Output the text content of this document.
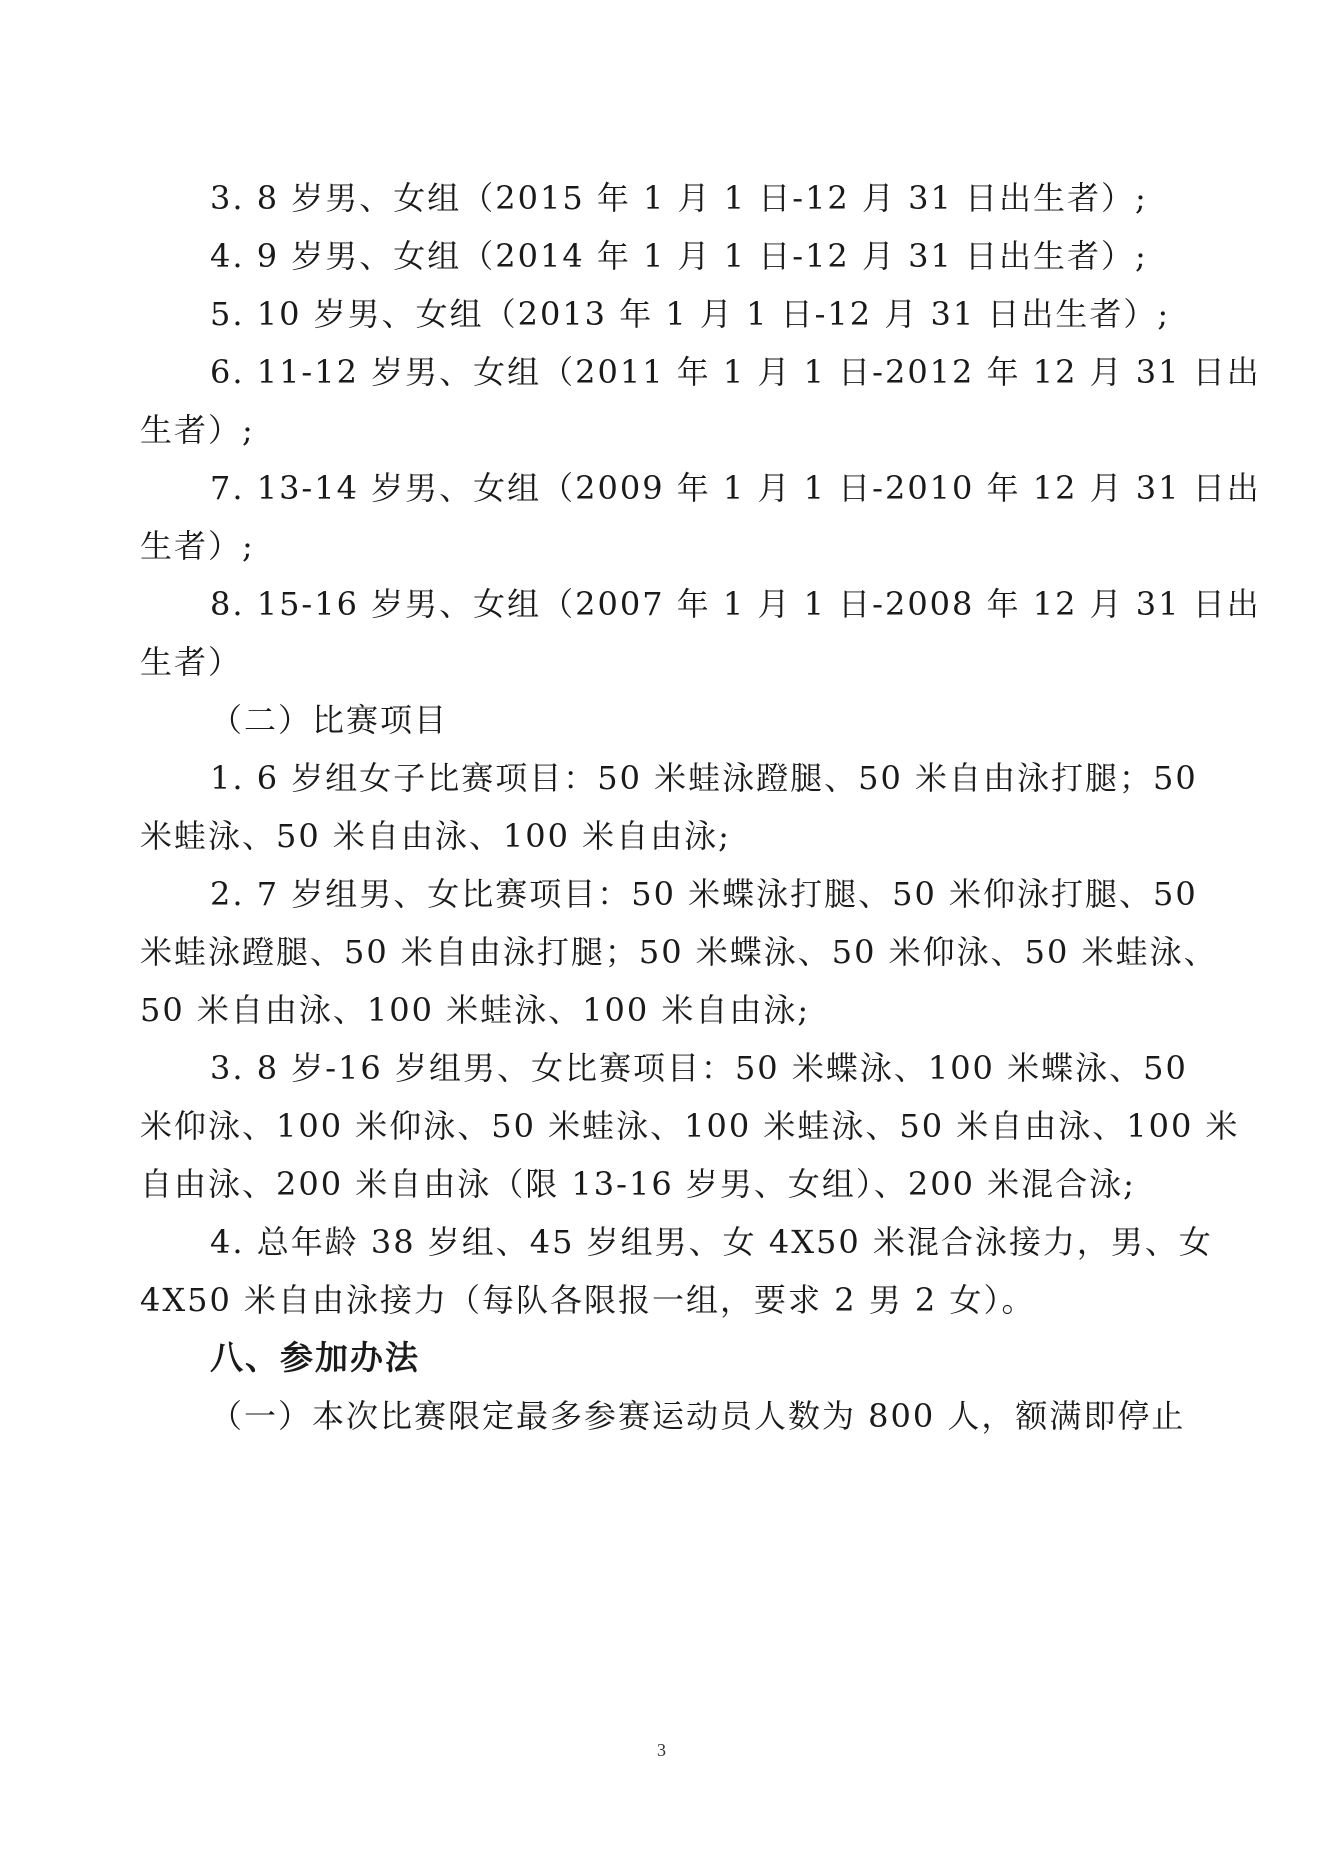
3. 8 岁男、女组（2015 年 1 月 1 日-12 月 31 日出生者）;
4. 9 岁男、女组（2014 年 1 月 1 日-12 月 31 日出生者）;
5. 10 岁男、女组（2013 年 1 月 1 日-12 月 31 日出生者）;
6. 11-12 岁男、女组（2011 年 1 月 1 日-2012 年 12 月 31 日出
生者）;
7. 13-14 岁男、女组（2009 年 1 月 1 日-2010 年 12 月 31 日出
生者）;
8. 15-16 岁男、女组（2007 年 1 月 1 日-2008 年 12 月 31 日出
生者）
（二）比赛项目
1. 6 岁组女子比赛项目：50 米蛙泳蹬腿、50 米自由泳打腿；50
米蛙泳、50 米自由泳、100 米自由泳;
2. 7 岁组男、女比赛项目：50 米蝶泳打腿、50 米仰泳打腿、50
米蛙泳蹬腿、50 米自由泳打腿；50 米蝶泳、50 米仰泳、50 米蛙泳、
50 米自由泳、100 米蛙泳、100 米自由泳;
3. 8 岁-16 岁组男、女比赛项目：50 米蝶泳、100 米蝶泳、50
米仰泳、100 米仰泳、50 米蛙泳、100 米蛙泳、50 米自由泳、100 米
自由泳、200 米自由泳（限 13-16 岁男、女组）、200 米混合泳;
4. 总年龄 38 岁组、45 岁组男、女 4X50 米混合泳接力，男、女
4X50 米自由泳接力（每队各限报一组，要求 2 男 2 女）。
八、参加办法
（一）本次比赛限定最多参赛运动员人数为 800 人，额满即停止
3
